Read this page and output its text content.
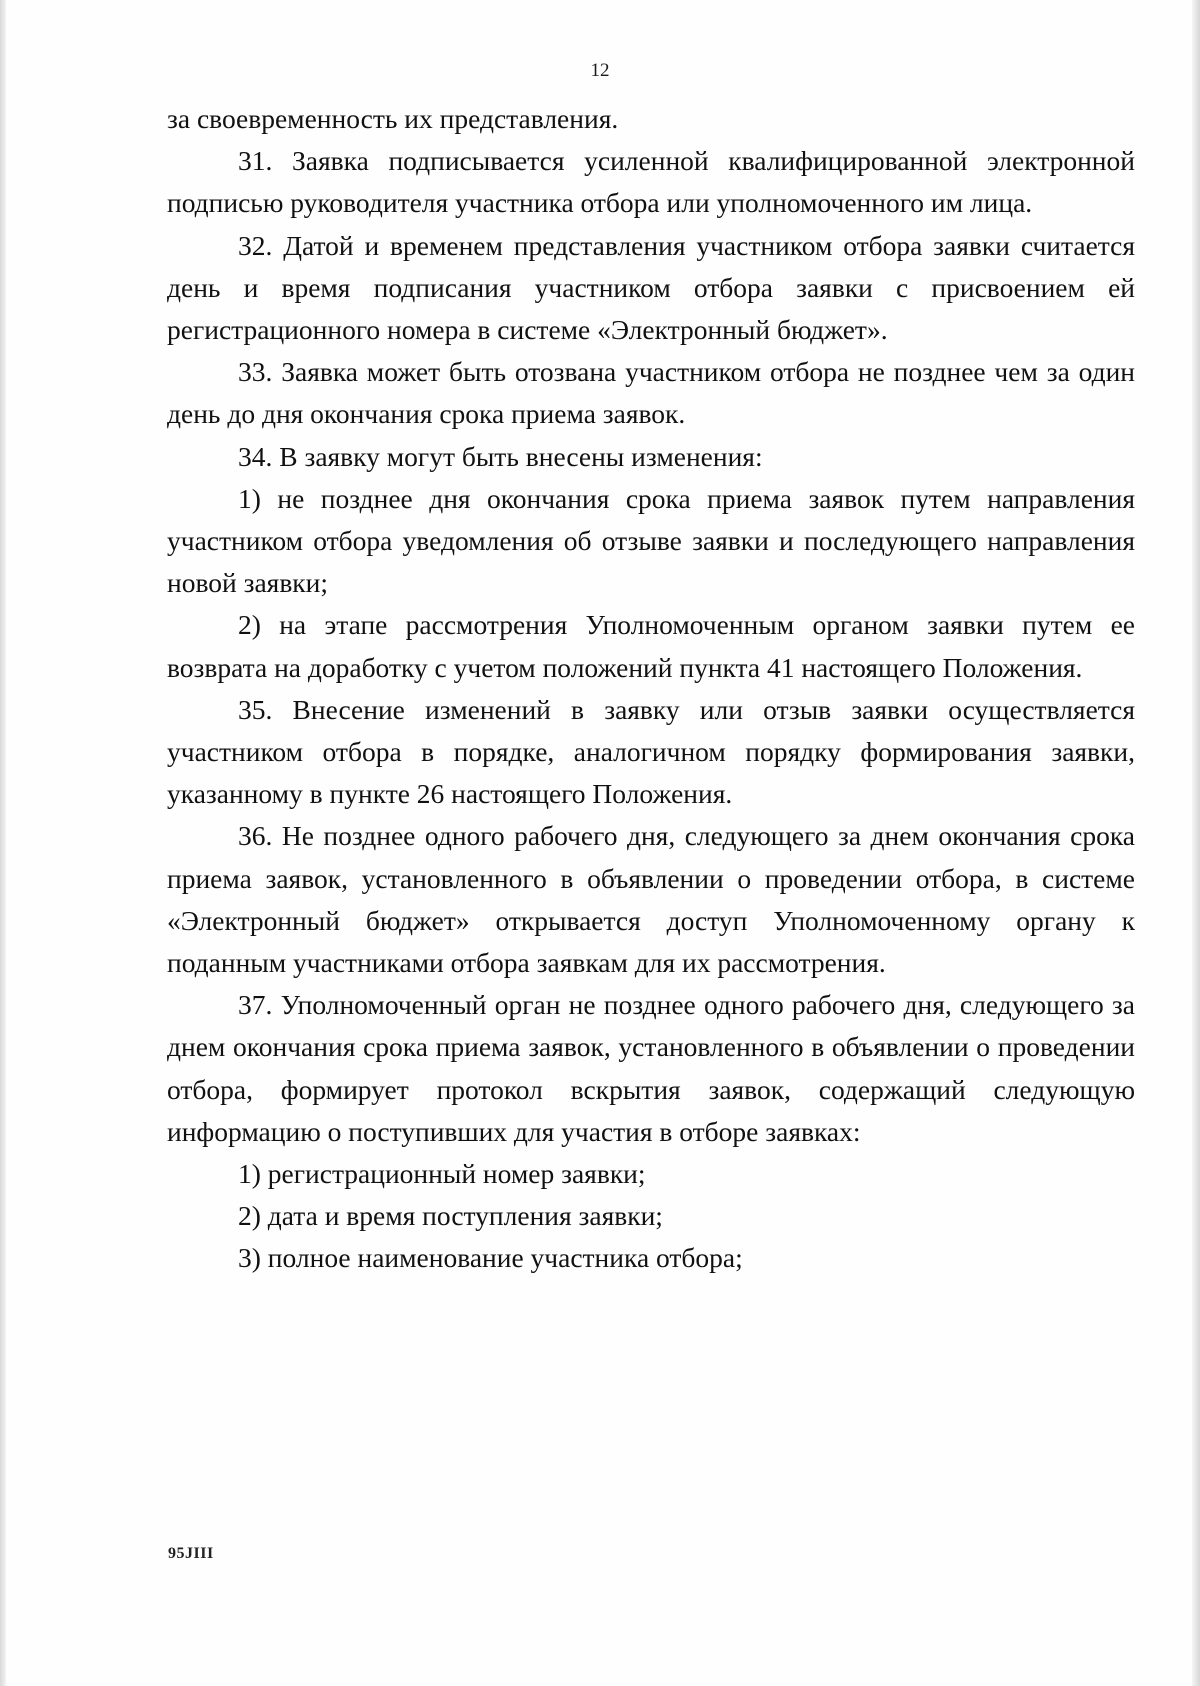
12

за своевременность их представления.

31. Заявка подписывается усиленной квалифицированной электронной подписью руководителя участника отбора или уполномоченного им лица.

32. Датой и временем представления участником отбора заявки считается день и время подписания участником отбора заявки с присвоением ей регистрационного номера в системе «Электронный бюджет».

33. Заявка может быть отозвана участником отбора не позднее чем за один день до дня окончания срока приема заявок.

34. В заявку могут быть внесены изменения:

1) не позднее дня окончания срока приема заявок путем направления участником отбора уведомления об отзыве заявки и последующего направления новой заявки;

2) на этапе рассмотрения Уполномоченным органом заявки путем ее возврата на доработку с учетом положений пункта 41 настоящего Положения.

35. Внесение изменений в заявку или отзыв заявки осуществляется участником отбора в порядке, аналогичном порядку формирования заявки, указанному в пункте 26 настоящего Положения.

36. Не позднее одного рабочего дня, следующего за днем окончания срока приема заявок, установленного в объявлении о проведении отбора, в системе «Электронный бюджет» открывается доступ Уполномоченному органу к поданным участниками отбора заявкам для их рассмотрения.

37. Уполномоченный орган не позднее одного рабочего дня, следующего за днем окончания срока приема заявок, установленного в объявлении о проведении отбора, формирует протокол вскрытия заявок, содержащий следующую информацию о поступивших для участия в отборе заявках:

1) регистрационный номер заявки;

2) дата и время поступления заявки;

3) полное наименование участника отбора;

95JIII
